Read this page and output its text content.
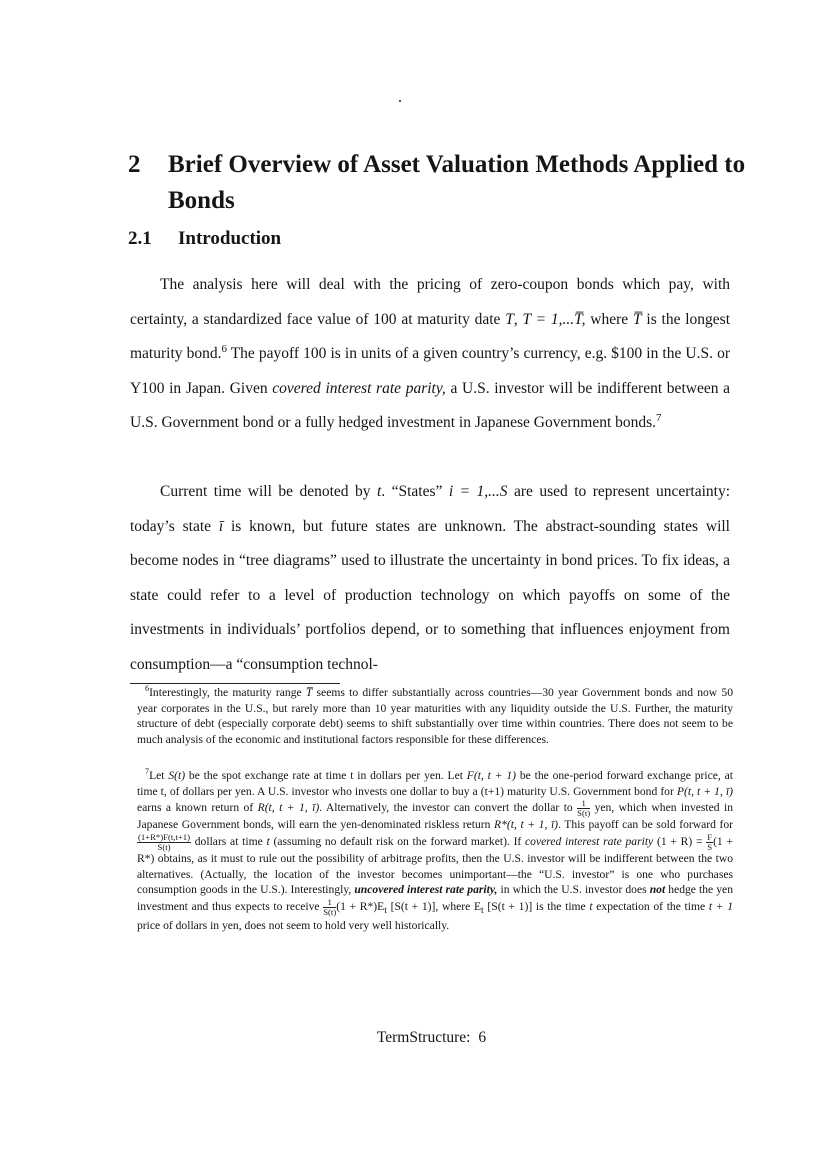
2 Brief Overview of Asset Valuation Methods Applied to Bonds
2.1 Introduction

The analysis here will deal with the pricing of zero-coupon bonds which pay, with certainty, a standardized face value of 100 at maturity date T, T = 1,...T̅, where T̅ is the longest maturity bond.$^6$ The payoff 100 is in units of a given country’s currency, e.g. $100 in the U.S. or Y100 in Japan. Given covered interest rate parity, a U.S. investor will be indifferent between a U.S. Government bond or a fully hedged investment in Japanese Government bonds.$^7$

Current time will be denoted by t. “States” i = 1,...S are used to represent uncertainty: today’s state ī is known, but future states are unknown. The abstract-sounding states will become nodes in “tree diagrams” used to illustrate the uncertainty in bond prices. To fix ideas, a state could refer to a level of production technology on which payoffs on some of the investments in individuals’ portfolios depend, or to something that influences enjoyment from consumption—a “consumption technol-

$^6$Interestingly, the maturity range T̅ seems to differ substantially across countries—30 year Government bonds and now 50 year corporates in the U.S., but rarely more than 10 year maturities with any liquidity outside the U.S. Further, the maturity structure of debt (especially corporate debt) seems to shift substantially over time within countries. There does not seem to be much analysis of the economic and institutional factors responsible for these differences.

$^7$Let S(t) be the spot exchange rate at time t in dollars per yen. Let F(t, t + 1) be the one-period forward exchange price, at time t, of dollars per yen. A U.S. investor who invests one dollar to buy a (t+1) maturity U.S. Government bond for P(t, t + 1, ī) earns a known return of R(t, t + 1, ī). Alternatively, the investor can convert the dollar to $\frac{1}{S(t)}$ yen, which when invested in Japanese Government bonds, will earn the yen-denominated riskless return R*(t, t + 1, ī). This payoff can be sold forward for
$\frac{(1+R*)F(t,t+1)}{S(t)}$ dollars at time t (assuming no default risk on the forward market). If covered interest rate parity $(1 + R) = \frac{F}{S} (1 + R*)$ obtains, as it must to rule out the possibility of arbitrage profits, then the U.S. investor will be indifferent between the two alternatives. (Actually, the location of the investor becomes unimportant—the “U.S. investor” is one who purchases consumption goods in the U.S.). Interestingly, uncovered interest rate parity, in which the U.S. investor does not hedge the yen investment and thus expects to receive $\frac{1}{S(t)} (1 + R*)E_t$ [S(t + 1)], where $E_t$ [S(t + 1)] is the time t expectation of the time t + 1 price of dollars in yen, does not seem to hold very well historically.

TermStructure: 6
